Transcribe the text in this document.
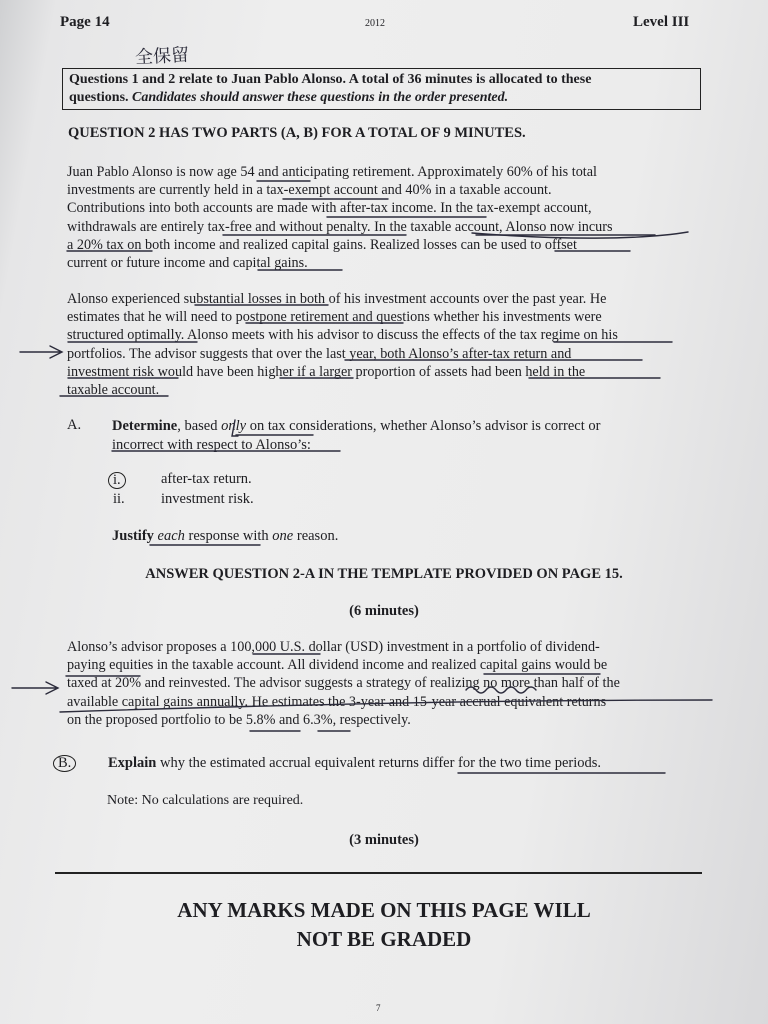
Page 14	2012	Level III
全保留
Questions 1 and 2 relate to Juan Pablo Alonso. A total of 36 minutes is allocated to these
questions. Candidates should answer these questions in the order presented.
QUESTION 2 HAS TWO PARTS (A, B) FOR A TOTAL OF 9 MINUTES.
Juan Pablo Alonso is now age 54 and anticipating retirement. Approximately 60% of his total
investments are currently held in a tax-exempt account and 40% in a taxable account.
Contributions into both accounts are made with after-tax income. In the tax-exempt account,
withdrawals are entirely tax-free and without penalty. In the taxable account, Alonso now incurs
a 20% tax on both income and realized capital gains. Realized losses can be used to offset
current or future income and capital gains.
Alonso experienced substantial losses in both of his investment accounts over the past year. He
estimates that he will need to postpone retirement and questions whether his investments were
structured optimally. Alonso meets with his advisor to discuss the effects of the tax regime on his
portfolios. The advisor suggests that over the last year, both Alonso’s after-tax return and
investment risk would have been higher if a larger proportion of assets had been held in the
taxable account.
A. Determine, based only on tax considerations, whether Alonso’s advisor is correct or
incorrect with respect to Alonso’s:
i.	after-tax return.
ii.	investment risk.
Justify each response with one reason.
ANSWER QUESTION 2-A IN THE TEMPLATE PROVIDED ON PAGE 15.
(6 minutes)
Alonso’s advisor proposes a 100,000 U.S. dollar (USD) investment in a portfolio of dividend-
paying equities in the taxable account. All dividend income and realized capital gains would be
taxed at 20% and reinvested. The advisor suggests a strategy of realizing no more than half of the
available capital gains annually. He estimates the 3-year and 15-year accrual equivalent returns
on the proposed portfolio to be 5.8% and 6.3%, respectively.
B.	Explain why the estimated accrual equivalent returns differ for the two time periods.
Note: No calculations are required.
(3 minutes)
ANY MARKS MADE ON THIS PAGE WILL
NOT BE GRADED
7
